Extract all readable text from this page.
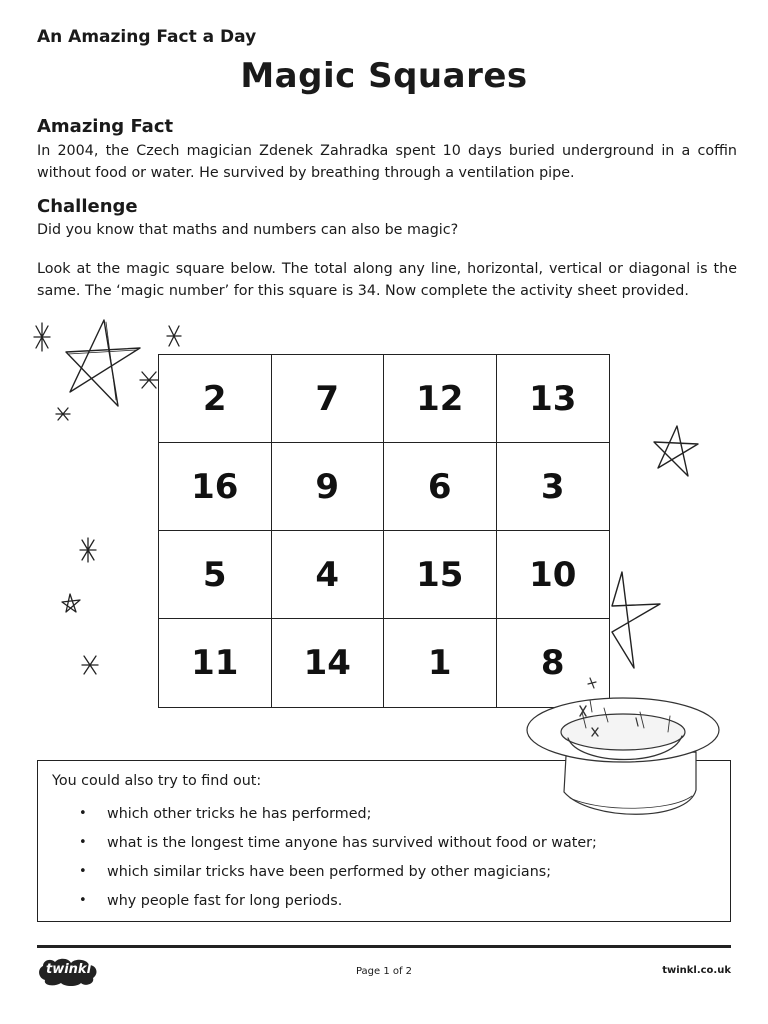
An Amazing Fact a Day
Magic Squares
Amazing Fact

In 2004, the Czech magician Zdenek Zahradka spent 10 days buried underground in a coffin without food or water. He survived by breathing through a ventilation pipe.

Challenge

Did you know that maths and numbers can also be magic?

Look at the magic square below. The total along any line, horizontal, vertical or diagonal is the same. The ‘magic number’ for this square is 34. Now complete the activity sheet provided.

2	7	12	13
16	9	6	3
5	4	15	10
11	14	1	8

You could also try to find out:

• which other tricks he has performed;
• what is the longest time anyone has survived without food or water;
• which similar tricks have been performed by other magicians;
• why people fast for long periods.
twinkl	Page 1 of 2	twinkl.co.uk
